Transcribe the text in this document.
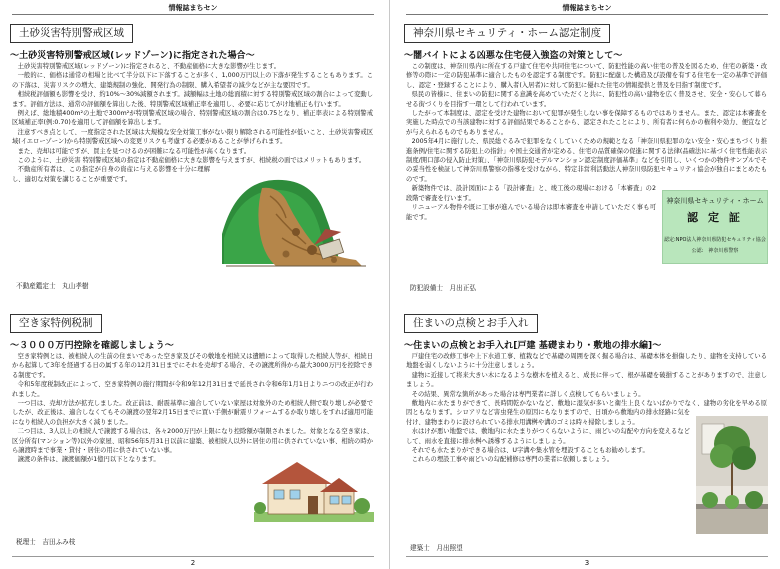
情報誌まちセン
土砂災害特別警戒区域
～土砂災害特別警戒区域(レッドゾーン)に指定された場合～

土砂災害特別警戒区域(レッドゾーン)に指定されると、不動産価格に大きな影響が生じます。

一般的に、価格は通常の相場と比べて半分以下に下落することが多く、1,000万円以上の下落が発生することもあります。この下落は、災害リスクの増大、建築規制の強化、開発行為の制限、購入希望者の減少などが主な要因です。

相続税評価額も影響を受け、約10%～30%減額されます。減額幅は土地の総面積に対する特別警戒区域の割合によって変動します。評価方法は、通常の評価額を算出した後、特別警戒区域補正率を適用し、必要に応じてがけ地補正も行います。

例えば、総地積400m²の土地で300m²が特別警戒区域の場合、特別警戒区域の割合は0.75となり、補正率表による特別警戒区域補正率(例:0.70)を適用して評価額を算出します。

注意すべき点として、一度指定された区域は大規模な安全対策工事がない限り解除される可能性が低いこと、土砂災害警戒区域(イエローゾーン)から特別警戒区域への変更リスクも考慮する必要があることが挙げられます。

また、売却は可能ですが、買主を見つけるのが困難になる可能性が高くなります。

このように、土砂災害 特別警戒区域の指定は不動産価格に大きな影響を与えますが、相続税の面ではメリットもあります。

不動産所有者は、この指定が自身の資産に与える影響を十分に理解し、適切な対策を講じることが重要です。

不動産鑑定士　丸山孝樹
空き家特例税制
～３０００万円控除を確認しましょう～

空き家特例とは、被相続人の生前の住まいであった空き家及びその敷地を相続又は遺贈によって取得した相続人等が、相続日から起算して3年を経過する日の属する年の12月31日までにそれを売却する場合、その譲渡所得から最大3000万円を控除できる制度です。

令和5年度税制改正によって、空き家特例の施行期間が令和9年12月31日まで延長され令和6年1月1日よりニつの改正が行われました。

一つ目は、売却方法が拡充しました。改正前は、耐震基準に適合していない家屋は対象外のため相続人側で取り壊しが必要でしたが、改正後は、適合しなくてもその譲渡の翌年2月15日までに買い手側が耐震リフォームするか取り壊しをすれば適用可能になり相続人の負担が大きく減りました。

二つ目は、3人以上の相続人で譲渡する場合は、各々2000万円が上限になり控除額が制限されました。対象となる空き家は、区分所有(マンション等)以外の家屋、昭和56年5月31日以前に建築、被相続人以外に居住の用に供されていない事、相続の時から譲渡時まで事業・貸付・居住の用に供されていない事。

譲渡の条件は、譲渡価額が1億円以下となります。

税理士　吉田ふみ枝
2
情報誌まちセン
神奈川県セキュリティ・ホーム認定制度
～闇バイトによる凶悪な住宅侵入強盗の対策として～
神奈川県セキュリティ・ホーム
認 定 証
認定:NPO法人神奈川県防犯セキュリティ協会
公認:　神奈川県警察

この制度は、神奈川県内に所在する戸建て住宅や共同住宅について、防犯性能の高い住宅の普及を図るため、住宅の新築・改修等の際に一定の防犯基準に適合したものを認定する制度です。防犯に配慮した構造及び設備を有する住宅を一定の基準で評価し、認定・登録することにより、購入者(入居者)に対して防犯に優れた住宅の情報提供と普及を目指す制度です。

県民の皆様に、住まいの防犯に関する意識を高めていただくと共に、防犯性の高い建物を広く普及させ、安全・安心して暮らせる街づくりを目指す一環として行われています。

したがって本制度は、認定を受けた建物において犯罪が発生しない事を保障するものではありません。また、認定は本審査を実施した時点での当該建物に対する評価結果であることから、認定されたことにより、所有者に何らかの権利や効力、便宜などが与えられるものでもありません。

2005年4月に施行した、県民総ぐるみで犯罪をなくしていくための規範となる「神奈川県犯罪のない安全・安心まちづくり推進条例/住宅に関する防犯上の指針」や国土交通省が定める、住宅の品質確保の促進に関する法律(品確法)に基づく住宅性能表示制度/開口部の侵入防止対策」、「神奈川県防犯モデルマンション認定制度評価基準」などを引用し、いくつかの物件サンプルでその妥当性を検証して神奈川県警察の指導を受けながら、特定非営利活動法人神奈川県防犯セキュリティ協会が独自にまとめたものです。

新築物件では、設計図面による「設計審査」と、竣工後の現場における「本審査」の2段階で審査を行います。

リニューアル物件や既に工事が進んでいる場合は即本審査を申請していただく事も可能です。

防犯設備士　月出正弘
住まいの点検とお手入れ
～住まいの点検とお手入れ[戸建 基礎まわり・敷地の排水編]～

戸建住宅の改修工事や上下水道工事、植栽などで基礎の周囲を深く掘る場合は、基礎本体を損傷したり、建物を支持している地盤を弱くしないように十分注意しましょう。

建物に近接して将来大きい木になるような樹木を植えると、成長に伴って、根が基礎を破損することがありますので、注意しましょう。

その結果、異常な箇所があった場合は専門業者に詳しく点検してもらいましょう。

敷地内に水たまりができて、長時間乾かないなど、敷地に湿気が多いと衛生上良くないばかりでなく、建物の劣化を早める原因ともなります。シロアリなど害虫発生の原因にもなりますので、日頃から敷地内の排水経路に気を付け、建物まわりに設けられている排水用溝桝や溝のゴミは時々掃除しましょう。

水はけが悪い地盤では、敷地内に水たまりがつくらないように、雨どいの勾配や方向を変えるなどして、雨水を直接に排水桝へ誘導するようにしましょう。

それでも水たまりができる場合は、U字溝や集水管を埋設することもお勧めします。

これらの埋設工事や雨どいの勾配補修は専門の業者に依頼しましょう。

建築士　月出照望
3
